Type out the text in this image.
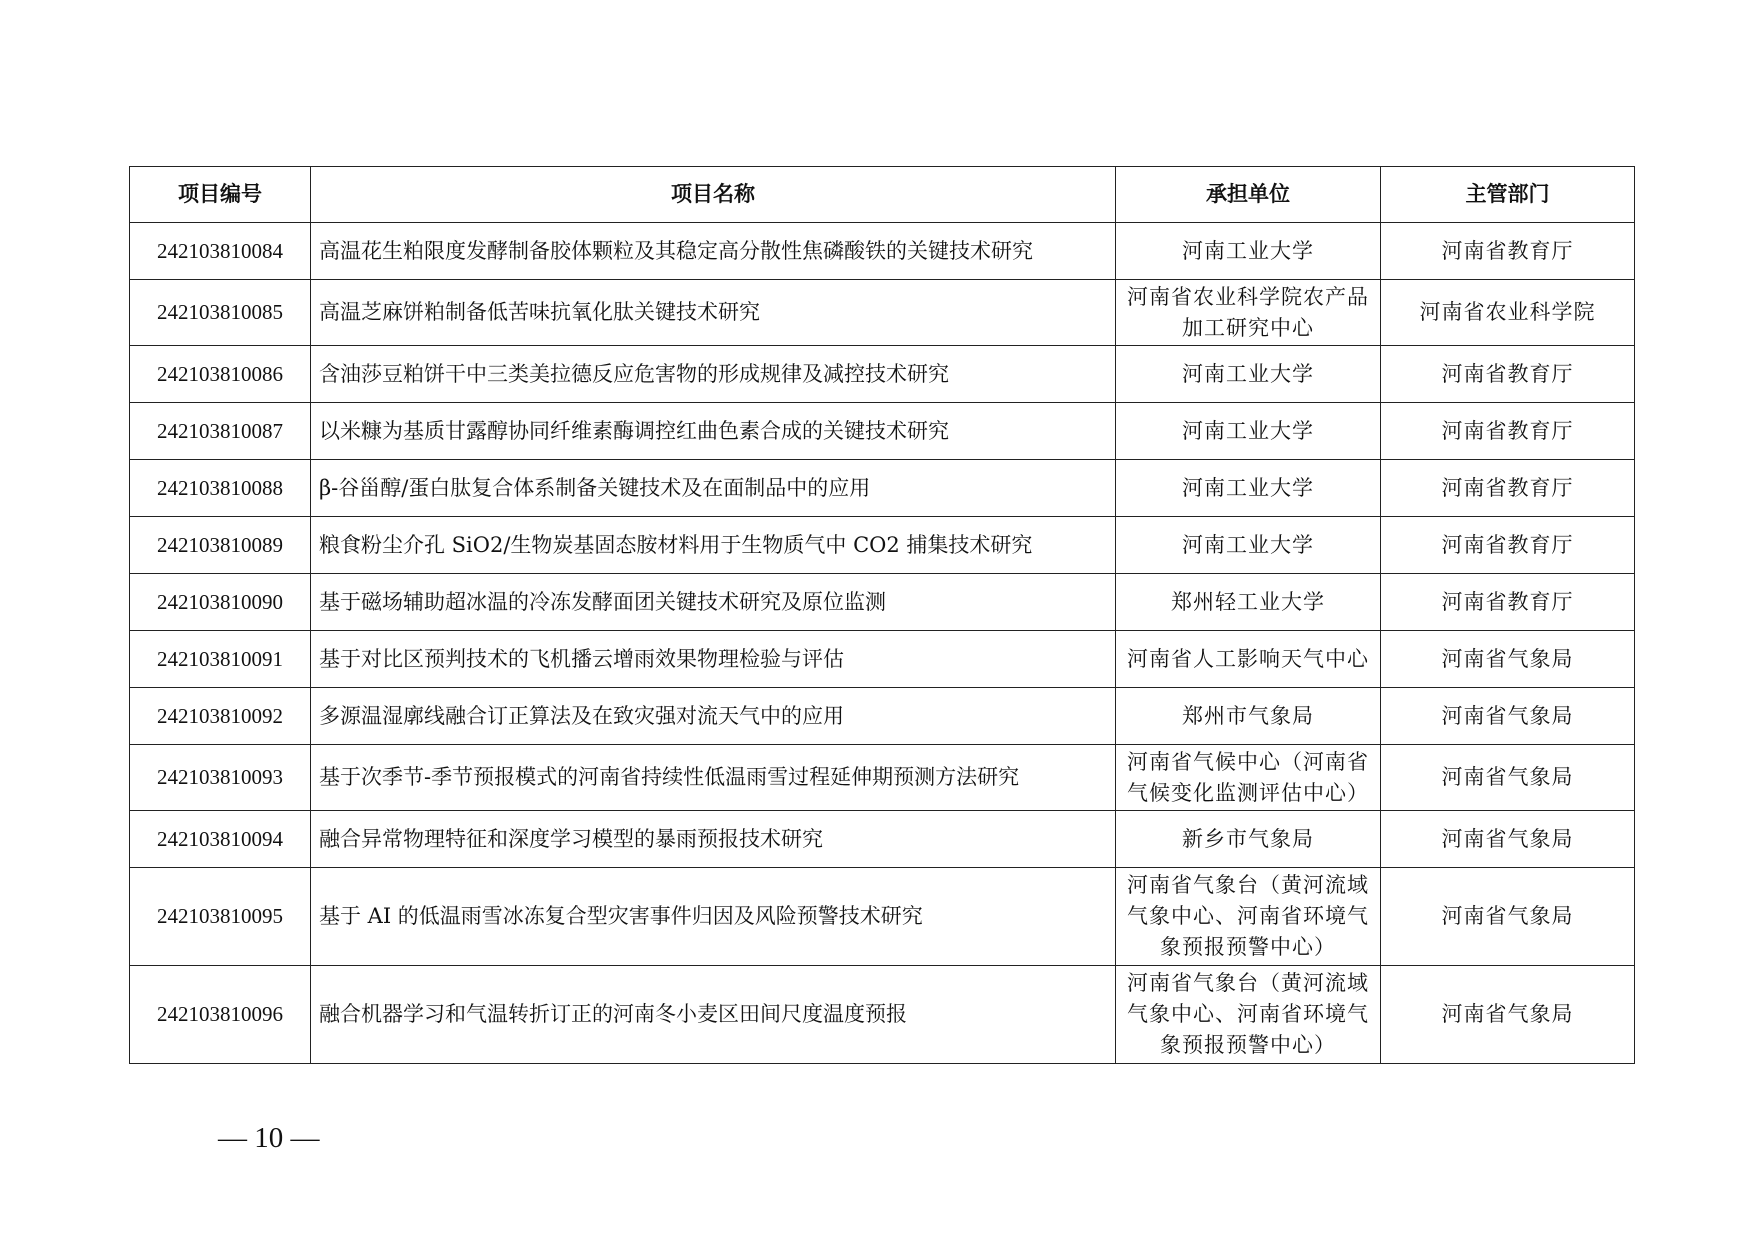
项目编号	项目名称	承担单位	主管部门
242103810084	高温花生粕限度发酵制备胶体颗粒及其稳定高分散性焦磷酸铁的关键技术研究	河南工业大学	河南省教育厅
242103810085	高温芝麻饼粕制备低苦味抗氧化肽关键技术研究	河南省农业科学院农产品加工研究中心	河南省农业科学院
242103810086	含油莎豆粕饼干中三类美拉德反应危害物的形成规律及减控技术研究	河南工业大学	河南省教育厅
242103810087	以米糠为基质甘露醇协同纤维素酶调控红曲色素合成的关键技术研究	河南工业大学	河南省教育厅
242103810088	β-谷甾醇/蛋白肽复合体系制备关键技术及在面制品中的应用	河南工业大学	河南省教育厅
242103810089	粮食粉尘介孔 SiO2/生物炭基固态胺材料用于生物质气中 CO2 捕集技术研究	河南工业大学	河南省教育厅
242103810090	基于磁场辅助超冰温的冷冻发酵面团关键技术研究及原位监测	郑州轻工业大学	河南省教育厅
242103810091	基于对比区预判技术的飞机播云增雨效果物理检验与评估	河南省人工影响天气中心	河南省气象局
242103810092	多源温湿廓线融合订正算法及在致灾强对流天气中的应用	郑州市气象局	河南省气象局
242103810093	基于次季节-季节预报模式的河南省持续性低温雨雪过程延伸期预测方法研究	河南省气候中心（河南省气候变化监测评估中心）	河南省气象局
242103810094	融合异常物理特征和深度学习模型的暴雨预报技术研究	新乡市气象局	河南省气象局
242103810095	基于 AI 的低温雨雪冰冻复合型灾害事件归因及风险预警技术研究	河南省气象台（黄河流域气象中心、河南省环境气象预报预警中心）	河南省气象局
242103810096	融合机器学习和气温转折订正的河南冬小麦区田间尺度温度预报	河南省气象台（黄河流域气象中心、河南省环境气象预报预警中心）	河南省气象局
— 10 —
